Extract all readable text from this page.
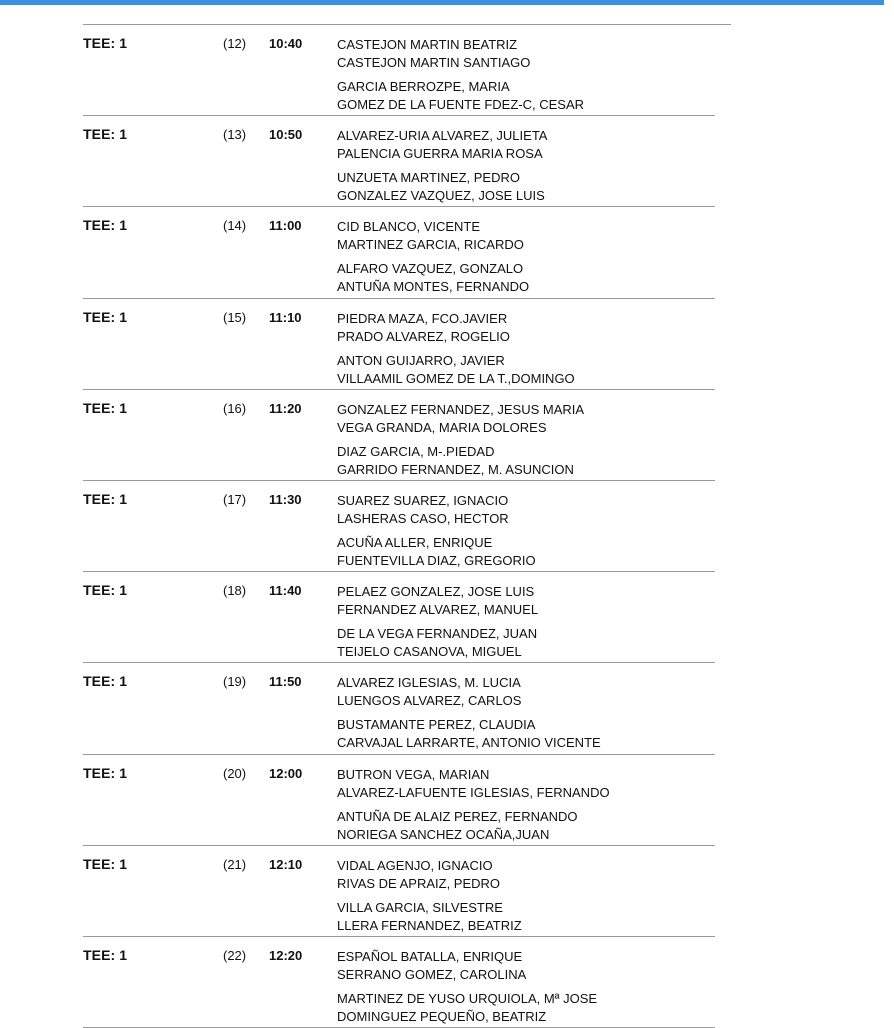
TEE: 1	(12) 10:40	CASTEJON MARTIN BEATRIZ
CASTEJON MARTIN SANTIAGO
GARCIA BERROZPE, MARIA
GOMEZ DE LA FUENTE FDEZ-C, CESAR
TEE: 1	(13) 10:50	ALVAREZ-URIA ALVAREZ, JULIETA
PALENCIA GUERRA MARIA ROSA
UNZUETA MARTINEZ, PEDRO
GONZALEZ VAZQUEZ, JOSE LUIS
TEE: 1	(14) 11:00	CID BLANCO, VICENTE
MARTINEZ GARCIA, RICARDO
ALFARO VAZQUEZ, GONZALO
ANTUÑA MONTES, FERNANDO
TEE: 1	(15) 11:10	PIEDRA MAZA, FCO.JAVIER
PRADO ALVAREZ, ROGELIO
ANTON GUIJARRO, JAVIER
VILLAAMIL GOMEZ DE LA T.,DOMINGO
TEE: 1	(16) 11:20	GONZALEZ FERNANDEZ, JESUS MARIA
VEGA GRANDA, MARIA DOLORES
DIAZ GARCIA, M-.PIEDAD
GARRIDO FERNANDEZ, M. ASUNCION
TEE: 1	(17) 11:30	SUAREZ SUAREZ, IGNACIO
LASHERAS CASO, HECTOR
ACUÑA ALLER, ENRIQUE
FUENTEVILLA DIAZ, GREGORIO
TEE: 1	(18) 11:40	PELAEZ GONZALEZ, JOSE LUIS
FERNANDEZ ALVAREZ, MANUEL
DE LA VEGA FERNANDEZ, JUAN
TEIJELO CASANOVA, MIGUEL
TEE: 1	(19) 11:50	ALVAREZ IGLESIAS, M. LUCIA
LUENGOS ALVAREZ, CARLOS
BUSTAMANTE PEREZ, CLAUDIA
CARVAJAL LARRARTE, ANTONIO VICENTE
TEE: 1	(20) 12:00	BUTRON VEGA, MARIAN
ALVAREZ-LAFUENTE IGLESIAS, FERNANDO
ANTUÑA DE ALAIZ PEREZ, FERNANDO
NORIEGA SANCHEZ OCAÑA,JUAN
TEE: 1	(21) 12:10	VIDAL AGENJO, IGNACIO
RIVAS DE APRAIZ, PEDRO
VILLA GARCIA, SILVESTRE
LLERA FERNANDEZ, BEATRIZ
TEE: 1	(22) 12:20	ESPAÑOL BATALLA, ENRIQUE
SERRANO GOMEZ, CAROLINA
MARTINEZ DE YUSO URQUIOLA, Mª JOSE
DOMINGUEZ PEQUEÑO, BEATRIZ
